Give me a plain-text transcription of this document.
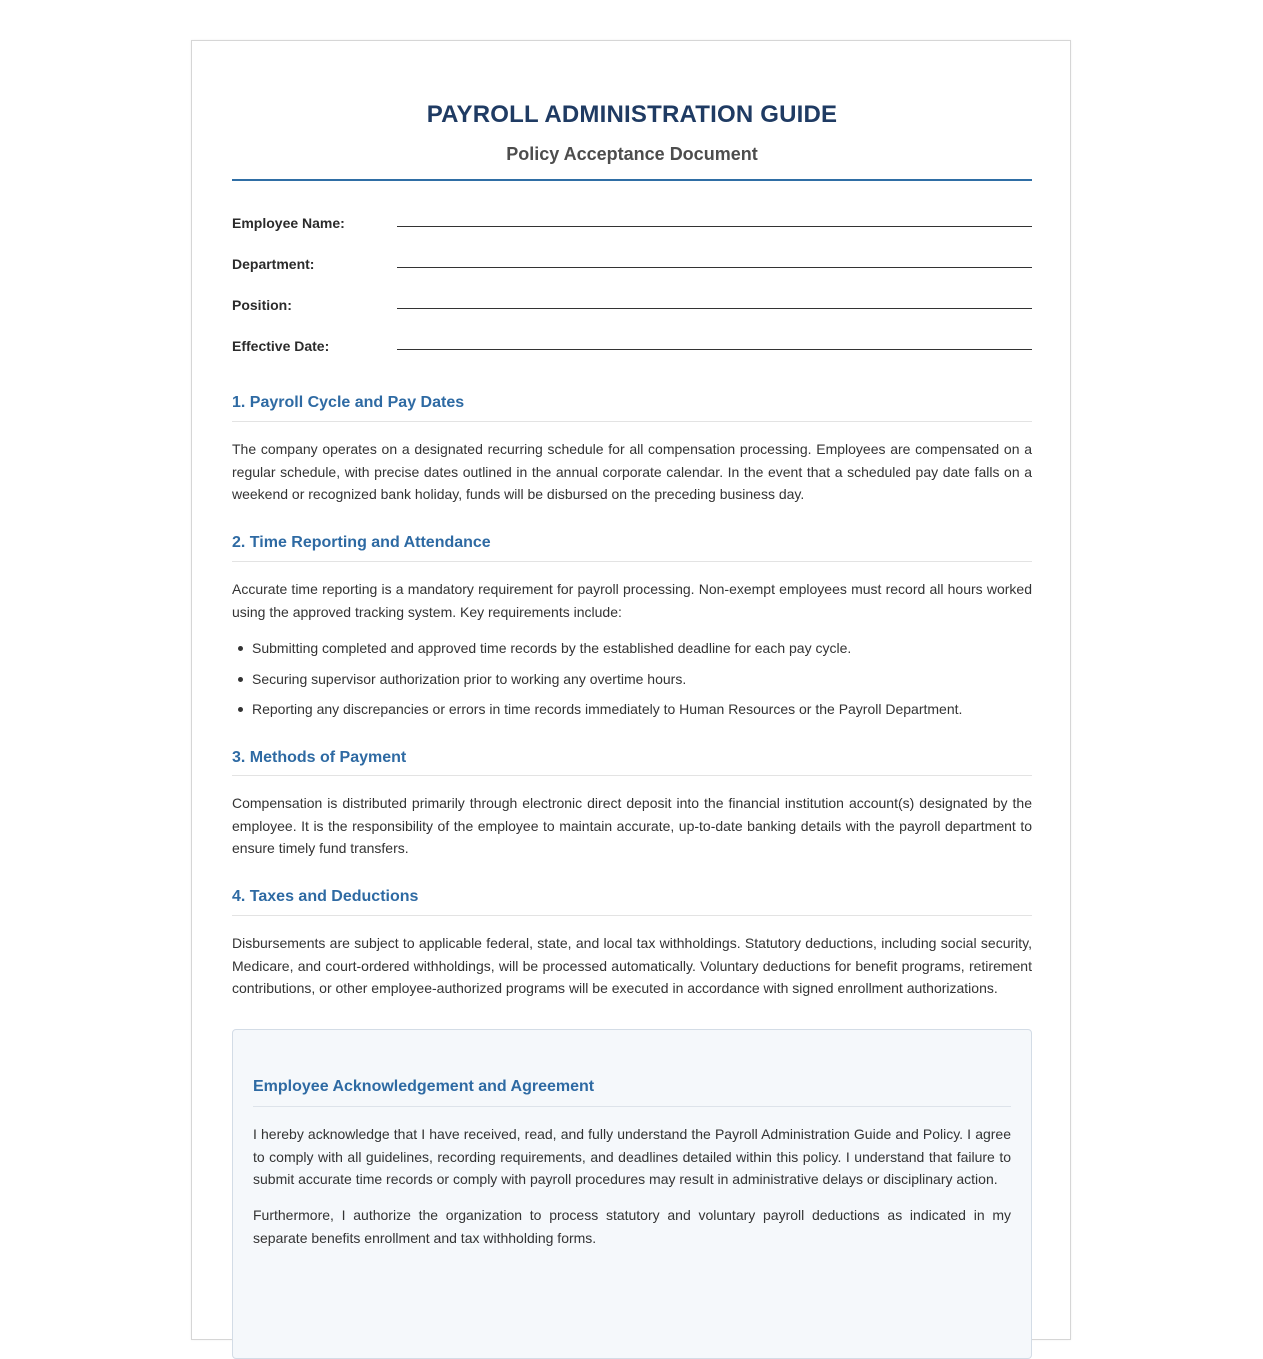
PAYROLL ADMINISTRATION GUIDE
Policy Acceptance Document
Employee Name:
Department:
Position:
Effective Date:
1. Payroll Cycle and Pay Dates

The company operates on a designated recurring schedule for all compensation processing. Employees are compensated on a regular schedule, with precise dates outlined in the annual corporate calendar. In the event that a scheduled pay date falls on a weekend or recognized bank holiday, funds will be disbursed on the preceding business day.

2. Time Reporting and Attendance

Accurate time reporting is a mandatory requirement for payroll processing. Non-exempt employees must record all hours worked using the approved tracking system. Key requirements include:

Submitting completed and approved time records by the established deadline for each pay cycle.
Securing supervisor authorization prior to working any overtime hours.
Reporting any discrepancies or errors in time records immediately to Human Resources or the Payroll Department.
3. Methods of Payment

Compensation is distributed primarily through electronic direct deposit into the financial institution account(s) designated by the employee. It is the responsibility of the employee to maintain accurate, up-to-date banking details with the payroll department to ensure timely fund transfers.

4. Taxes and Deductions

Disbursements are subject to applicable federal, state, and local tax withholdings. Statutory deductions, including social security, Medicare, and court-ordered withholdings, will be processed automatically. Voluntary deductions for benefit programs, retirement contributions, or other employee-authorized programs will be executed in accordance with signed enrollment authorizations.

Employee Acknowledgement and Agreement

I hereby acknowledge that I have received, read, and fully understand the Payroll Administration Guide and Policy. I agree to comply with all guidelines, recording requirements, and deadlines detailed within this policy. I understand that failure to submit accurate time records or comply with payroll procedures may result in administrative delays or disciplinary action.

Furthermore, I authorize the organization to process statutory and voluntary payroll deductions as indicated in my separate benefits enrollment and tax withholding forms.
